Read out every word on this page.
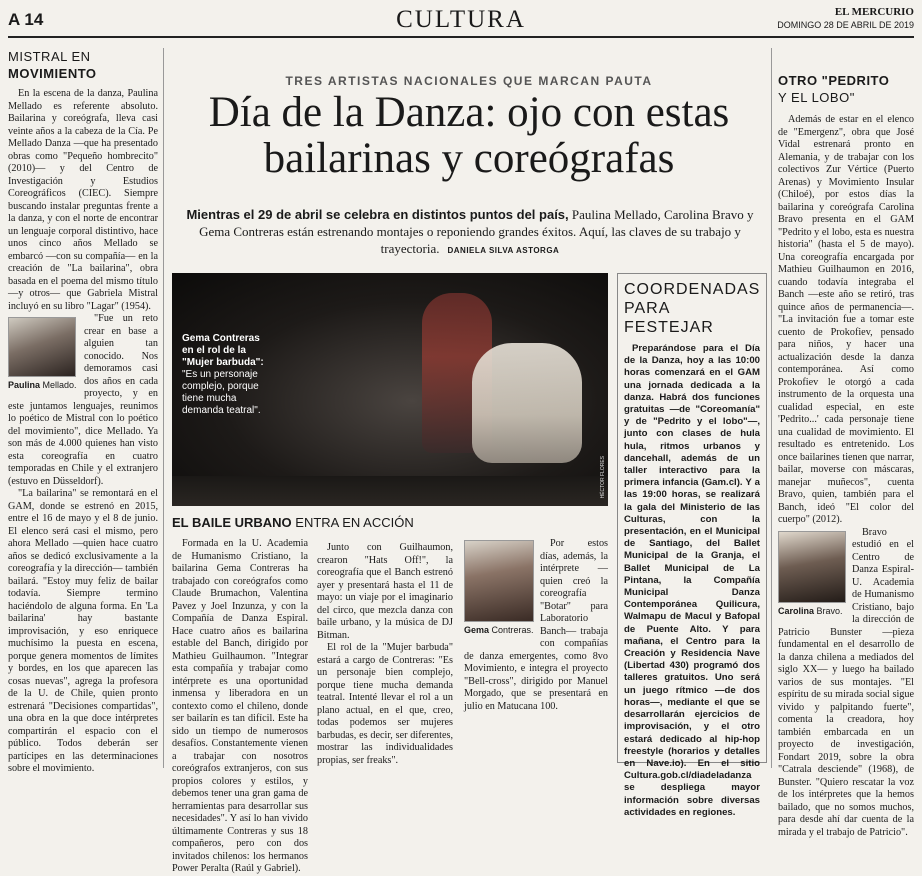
A 14	CULTURA	EL MERCURIO
DOMINGO 28 DE ABRIL DE 2019
MISTRAL EN
MOVIMIENTO

En la escena de la danza, Paulina Mellado es referente absoluto. Bailarina y coreógrafa, lleva casi veinte años a la cabeza de la Cía. Pe Mellado Danza —que ha presentado obras como "Pequeño hombrecito" (2010)— y del Centro de Investigación y Estudios Coreográficos (CIEC). Siempre buscando instalar preguntas frente a la danza, y con el norte de encontrar un lenguaje corporal distintivo, hace unos cinco años Mellado se embarcó —con su compañía— en la creación de "La bailarina", obra basada en el poema del mismo título —y otros— que Gabriela Mistral incluyó en su libro "Lagar" (1954).

Paulina Mellado.

"Fue un reto crear en base a alguien tan conocido. Nos demoramos casi dos años en cada proyecto, y en este juntamos lenguajes, reunimos lo poético de Mistral con lo poético del movimiento", dice Mellado. Ya son más de 4.000 quienes han visto esta coreografía en cuatro temporadas en Chile y el extranjero (estuvo en Düsseldorf).

"La bailarina" se remontará en el GAM, donde se estrenó en 2015, entre el 16 de mayo y el 8 de junio. El elenco será casi el mismo, pero ahora Mellado —quien hace cuatro años se dedicó exclusivamente a la coreografía y la dirección— también bailará. "Estoy muy feliz de bailar todavía. Siempre termino haciéndolo de alguna forma. En 'La bailarina' hay bastante improvisación, y eso enriquece muchísimo la puesta en escena, porque genera momentos de límites y bordes, en los que aparecen las cosas nuevas", agrega la profesora de la U. de Chile, quien pronto estrenará "Decisiones compartidas", una obra en la que doce intérpretes compartirán el espacio con el público. Todos deberán ser partícipes en las determinaciones sobre el movimiento.

TRES ARTISTAS NACIONALES QUE MARCAN PAUTA
Día de la Danza: ojo con estas bailarinas y coreógrafas
Mientras el 29 de abril se celebra en distintos puntos del país, Paulina Mellado, Carolina Bravo y Gema Contreras están estrenando montajes o reponiendo grandes éxitos. Aquí, las claves de su trabajo y trayectoria. DANIELA SILVA ASTORGA
Gema Contreras en el rol de la "Mujer barbuda": "Es un personaje complejo, porque tiene mucha demanda teatral".
HÉCTOR FLORES
COORDENADAS PARA FESTEJAR

Preparándose para el Día de la Danza, hoy a las 10:00 horas comenzará en el GAM una jornada dedicada a la danza. Habrá dos funciones gratuitas —de "Coreomanía" y de "Pedrito y el lobo"—, junto con clases de hula hula, ritmos urbanos y dancehall, además de un taller interactivo para la primera infancia (Gam.cl). Y a las 19:00 horas, se realizará la gala del Ministerio de las Culturas, con la presentación, en el Municipal de Santiago, del Ballet Municipal de la Granja, el Ballet Municipal de La Pintana, la Compañía Municipal Danza Contemporánea Quilicura, Walmapu de Macul y Bafopal de Puente Alto. Y para mañana, el Centro para la Creación y Residencia Nave (Libertad 430) programó dos talleres gratuitos. Uno será un juego rítmico —de dos horas—, mediante el que se desarrollarán ejercicios de improvisación, y el otro estará dedicado al hip-hop freestyle (horarios y detalles en Nave.io). En el sitio Cultura.gob.cl/diadeladanza se despliega mayor información sobre diversas actividades en regiones.

EL BAILE URBANO ENTRA EN ACCIÓN

Formada en la U. Academia de Humanismo Cristiano, la bailarina Gema Contreras ha trabajado con coreógrafos como Claude Brumachon, Valentina Pavez y Joel Inzunza, y con la Compañía de Danza Espiral. Hace cuatro años es bailarina estable del Banch, dirigido por Mathieu Guilhaumon. "Integrar esta compañía y trabajar como intérprete es una oportunidad inmensa y liberadora en un contexto como el chileno, donde ser bailarín es tan difícil. Este ha sido un tiempo de numerosos desafíos. Constantemente vienen a trabajar con nosotros coreógrafos extranjeros, con sus propios colores y estilos, y debemos tener una gran gama de herramientas para desarrollar sus necesidades". Y así lo han vivido últimamente Contreras y sus 18 compañeros, pero con dos invitados chilenos: los hermanos Power Peralta (Raúl y Gabriel).

Junto con Guilhaumon, crearon "Hats Off!", la coreografía que el Banch estrenó ayer y presentará hasta el 11 de mayo: un viaje por el imaginario del circo, que mezcla danza con baile urbano, y la música de DJ Bitman.

El rol de la "Mujer barbuda" estará a cargo de Contreras: "Es un personaje bien complejo, porque tiene mucha demanda teatral. Intenté llevar el rol a un plano actual, en el que, creo, todas podemos ser mujeres barbudas, es decir, ser diferentes, mostrar las individualidades propias, ser freaks".

Gema Contreras.

Por estos días, además, la intérprete —quien creó la coreografía "Botar" para Laboratorio Banch— trabaja con compañías de danza emergentes, como 8vo Movimiento, e integra el proyecto "Bell-cross", dirigido por Manuel Morgado, que se presentará en julio en Matucana 100.

OTRO "PEDRITO
Y EL LOBO"

Además de estar en el elenco de "Emergenz", obra que José Vidal estrenará pronto en Alemania, y de trabajar con los colectivos Zur Vértice (Puerto Arenas) y Movimiento Insular (Chiloé), por estos días la bailarina y coreógrafa Carolina Bravo presenta en el GAM "Pedrito y el lobo, esta es nuestra historia" (hasta el 5 de mayo). Una coreografía encargada por Mathieu Guilhaumon en 2016, cuando todavía integraba el Banch —este año se retiró, tras quince años de permanencia—. "La invitación fue a tomar este cuento de Prokofiev, pensado para niños, y hacer una actualización desde la danza contemporánea. Así como Prokofiev le otorgó a cada instrumento de la orquesta una cualidad especial, en este 'Pedrito...' cada personaje tiene una cualidad de movimiento. El resultado es entretenido. Los once bailarines tienen que narrar, bailar, moverse con máscaras, manejar muñecos", cuenta Bravo, quien, también para el Banch, ideó "El color del cuerpo" (2012).

Carolina Bravo.

Bravo estudió en el Centro de Danza Espiral-U. Academia de Humanismo Cristiano, bajo la dirección de Patricio Bunster —pieza fundamental en el desarrollo de la danza chilena a mediados del siglo XX— y luego ha bailado varios de sus montajes. "El espíritu de su mirada social sigue vivido y palpitando fuerte", comenta la creadora, hoy también embarcada en un proyecto de investigación, Fondart 2019, sobre la obra "Catrala desciende" (1968), de Bunster. "Quiero rescatar la voz de los intérpretes que la hemos bailado, que no somos muchos, para desde ahí dar cuenta de la mirada y el trabajo de Patricio".
